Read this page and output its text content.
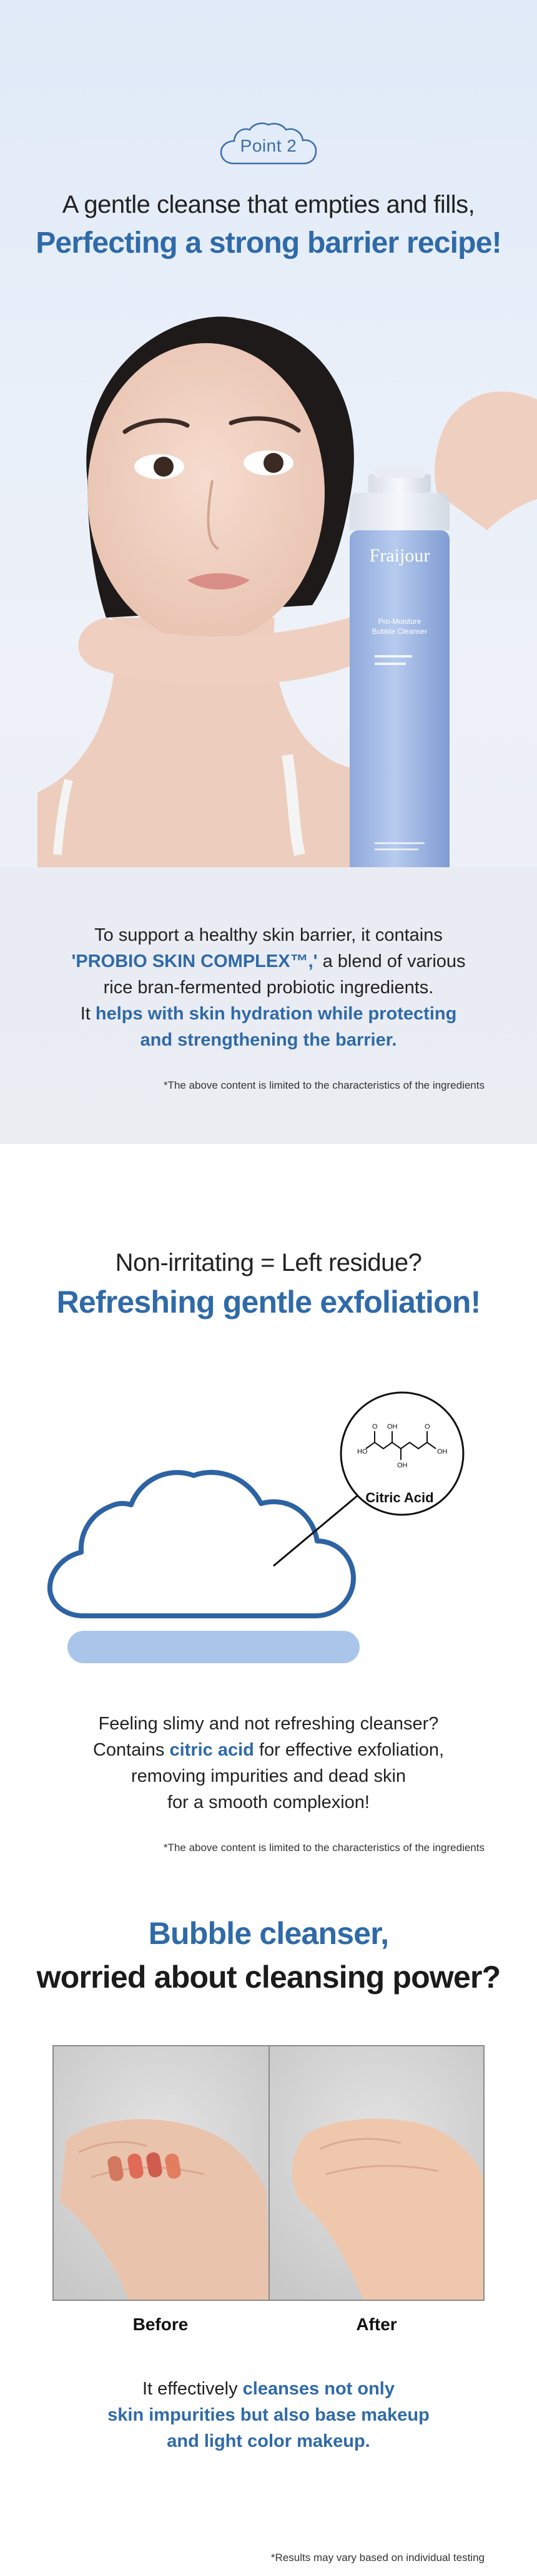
Point 2
A gentle cleanse that empties and fills,
Perfecting a strong barrier recipe!
Fraijour
Pro-Moisture
Bubble Cleanser
To support a healthy skin barrier, it contains
'PROBIO SKIN COMPLEX™,' a blend of various
rice bran-fermented probiotic ingredients.
It helps with skin hydration while protecting
and strengthening the barrier.
*The above content is limited to the characteristics of the ingredients
Non-irritating = Left residue?
Refreshing gentle exfoliation!
O OH
HO
OH
O
OH
Citric Acid
Feeling slimy and not refreshing cleanser?
Contains citric acid for effective exfoliation,
removing impurities and dead skin
for a smooth complexion!
*The above content is limited to the characteristics of the ingredients
Bubble cleanser,
worried about cleansing power?
Before	After
It effectively cleanses not only
skin impurities but also base makeup
and light color makeup.
*Results may vary based on individual testing
